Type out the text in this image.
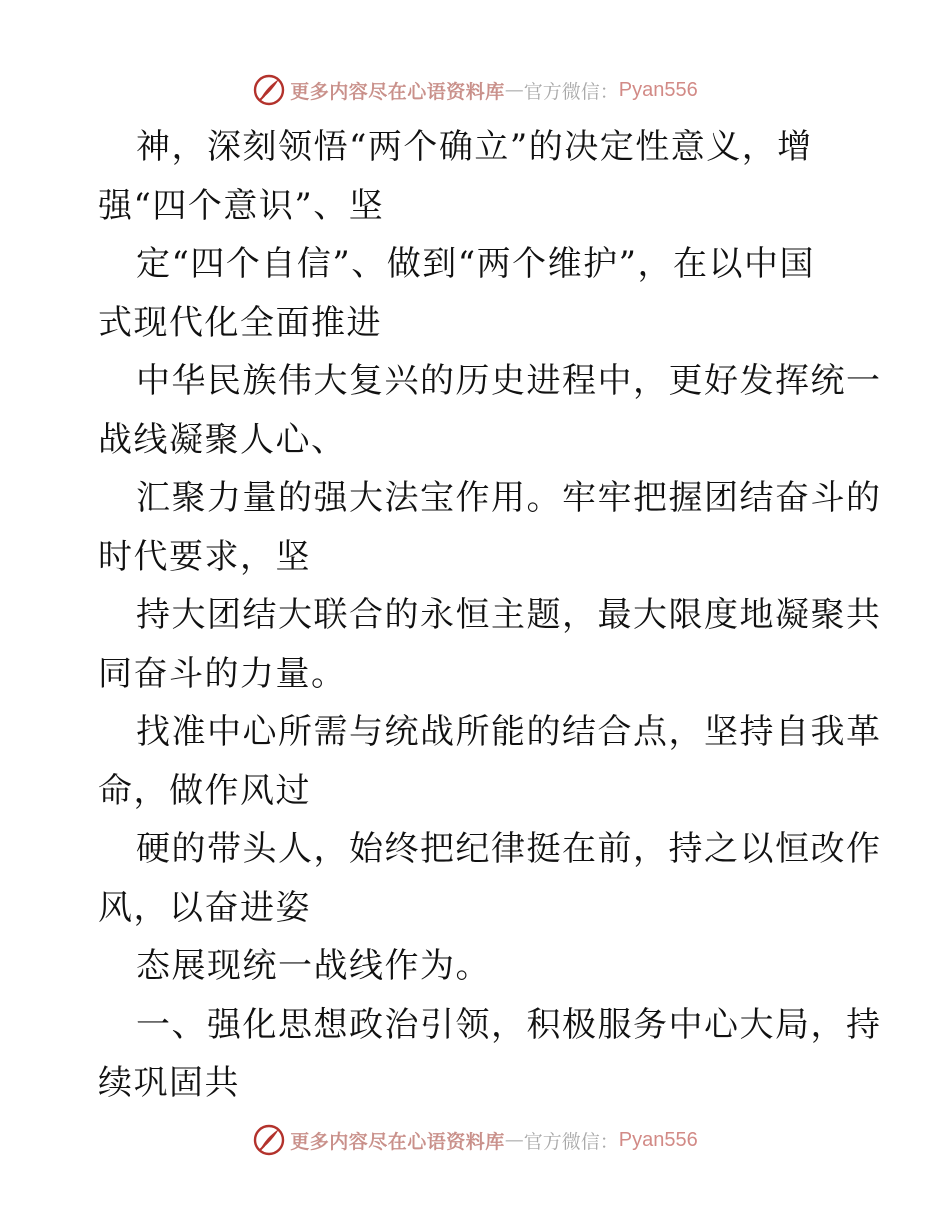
更多内容尽在心语资料库 — 官方微信： Pyan556
神，深刻领悟“两个确立”的决定性意义，增
强“四个意识”、坚
定“四个自信”、做到“两个维护”，在以中国
式现代化全面推进
中华民族伟大复兴的历史进程中，更好发挥统一
战线凝聚人心、
汇聚力量的强大法宝作用。牢牢把握团结奋斗的
时代要求，坚
持大团结大联合的永恒主题，最大限度地凝聚共
同奋斗的力量。
找准中心所需与统战所能的结合点，坚持自我革
命，做作风过
硬的带头人，始终把纪律挺在前，持之以恒改作
风，以奋进姿
态展现统一战线作为。
一、强化思想政治引领，积极服务中心大局，持
续巩固共
更多内容尽在心语资料库 — 官方微信： Pyan556
